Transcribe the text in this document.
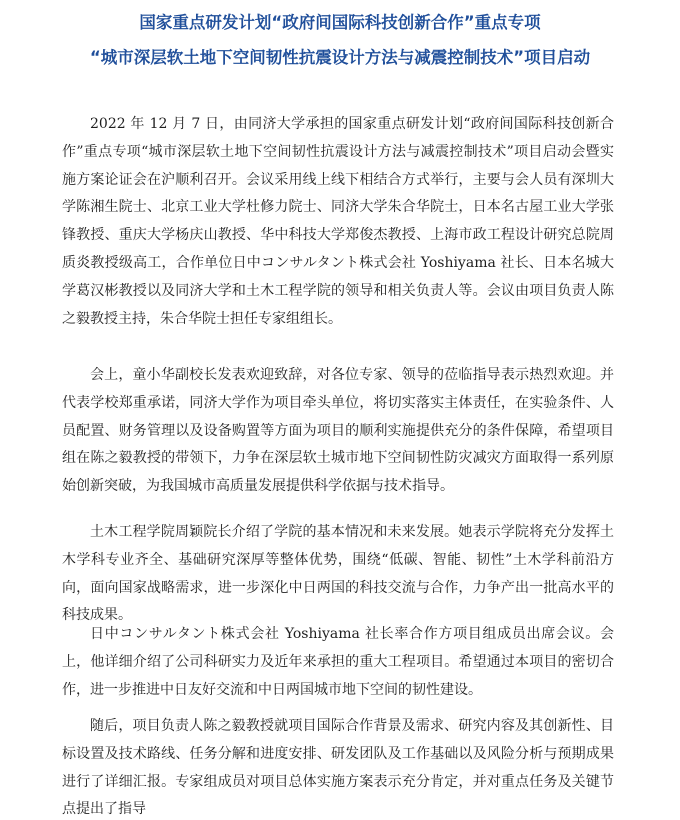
国家重点研发计划“政府间国际科技创新合作”重点专项
“城市深层软土地下空间韧性抗震设计方法与减震控制技术”项目启动

2022 年 12 月 7 日，由同济大学承担的国家重点研发计划“政府间国际科技创新合作”重点专项“城市深层软土地下空间韧性抗震设计方法与减震控制技术”项目启动会暨实施方案论证会在沪顺利召开。会议采用线上线下相结合方式举行，主要与会人员有深圳大学陈湘生院士、北京工业大学杜修力院士、同济大学朱合华院士，日本名古屋工业大学张锋教授、重庆大学杨庆山教授、华中科技大学郑俊杰教授、上海市政工程设计研究总院周质炎教授级高工，合作单位日中コンサルタント株式会社 Yoshiyama 社长、日本名城大学葛汉彬教授以及同济大学和土木工程学院的领导和相关负责人等。会议由项目负责人陈之毅教授主持，朱合华院士担任专家组组长。

会上，童小华副校长发表欢迎致辞，对各位专家、领导的莅临指导表示热烈欢迎。并代表学校郑重承诺，同济大学作为项目牵头单位，将切实落实主体责任，在实验条件、人员配置、财务管理以及设备购置等方面为项目的顺利实施提供充分的条件保障，希望项目组在陈之毅教授的带领下，力争在深层软土城市地下空间韧性防灾减灾方面取得一系列原始创新突破，为我国城市高质量发展提供科学依据与技术指导。

土木工程学院周颖院长介绍了学院的基本情况和未来发展。她表示学院将充分发挥土木学科专业齐全、基础研究深厚等整体优势，围绕“低碳、智能、韧性”土木学科前沿方向，面向国家战略需求，进一步深化中日两国的科技交流与合作，力争产出一批高水平的科技成果。

日中コンサルタント株式会社 Yoshiyama 社长率合作方项目组成员出席会议。会上，他详细介绍了公司科研实力及近年来承担的重大工程项目。希望通过本项目的密切合作，进一步推进中日友好交流和中日两国城市地下空间的韧性建设。

随后，项目负责人陈之毅教授就项目国际合作背景及需求、研究内容及其创新性、目标设置及技术路线、任务分解和进度安排、研发团队及工作基础以及风险分析与预期成果进行了详细汇报。专家组成员对项目总体实施方案表示充分肯定，并对重点任务及关键节点提出了指导
